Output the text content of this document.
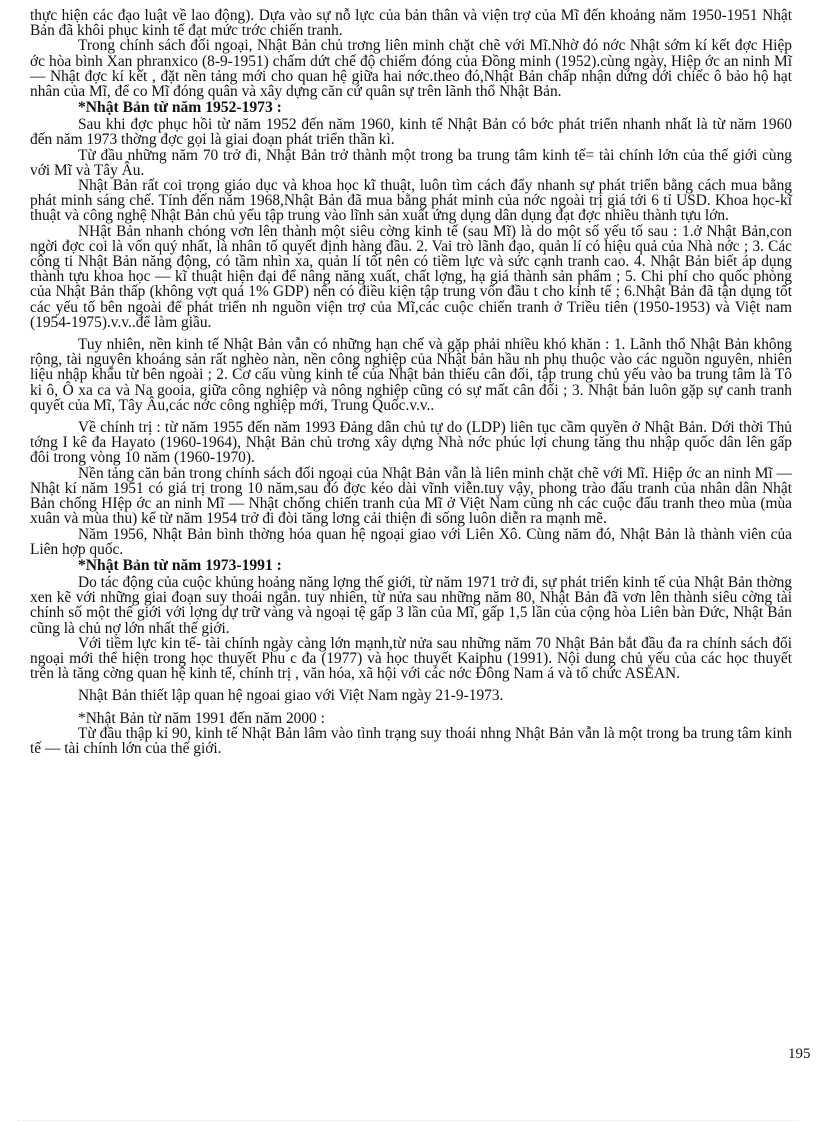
thực hiện các đạo luật về lao động). Dựa vào sự nỗ lực của bản thân và viện trợ của Mĩ đến khoảng năm 1950-1951 Nhật Bản đã khôi phục kinh tế đạt mức trớc chiến tranh.

Trong chính sách đối ngoại, Nhật Bản chủ trơng liên minh chặt chẽ với Mĩ.Nhờ đó nớc Nhật sớm kí kết đợc Hiệp ớc hòa bình Xan phranxico (8-9-1951) chấm dứt chế độ chiếm đóng của Đồng minh (1952).cùng ngày, Hiệp ớc an ninh Mĩ — Nhật đợc kí kết , đặt nền tảng mới cho quan hệ giữa hai nớc.theo đó,Nhật Bản chấp nhận dứng dới chiếc ô bảo hộ hạt nhân của Mĩ, để co Mĩ đóng quân và xây dựng căn cứ quân sự trên lãnh thổ Nhật Bản.

*Nhật Bản từ năm 1952-1973 :

Sau khi đợc phục hồi từ năm 1952 đến năm 1960, kinh tế Nhật Bản có bớc phát triển nhanh nhất là từ năm 1960 đến năm 1973 thờng đợc gọi là giai đoạn phát triển thần kì.

Từ đầu những năm 70 trở đi, Nhật Bản trở thành một trong ba trung tâm kinh tế= tài chính lớn của thế giới cùng với Mĩ và Tây Âu.

Nhật Bản rất coi trọng giáo dục và khoa học kĩ thuật, luôn tìm cách đẩy nhanh sự phát triển bằng cách mua bằng phát minh sáng chế. Tính đến năm 1968,Nhật Bản đã mua bằng phát minh của nớc ngoài trị giá tới 6 tỉ USD. Khoa học-kĩ thuật và công nghệ Nhật Bản chủ yếu tập trung vào lĩnh sản xuất ứng dụng dân dụng đạt đợc nhiều thành tựu lớn.

NHật Bản nhanh chóng vơn lên thành một siêu cờng kinh tế (sau Mĩ) là do một số yếu tố sau : 1.ở Nhật Bản,con ngời đợc coi là vốn quý nhất, là nhân tố quyết định hàng đầu. 2. Vai trò lãnh đạo, quản lí có hiệu quả của Nhà nớc ; 3. Các công ti Nhật Bản năng động, có tầm nhìn xa, quản lí tốt nên có tiềm lực và sức cạnh tranh cao. 4. Nhật Bản biết áp dụng thành tựu khoa học — kĩ thuật hiện đại để nâng năng xuất, chất lợng, hạ giá thành sản phẩm ; 5. Chi phí cho quốc phòng của Nhật Bản thấp (không vợt quá 1% GDP) nên có điều kiện tập trung vốn đầu t cho kinh tế ; 6.Nhật Bản đã tận dụng tốt các yếu tố bên ngoài để phát triển nh nguồn viện trợ của Mĩ,các cuộc chiến tranh ở Triều tiên (1950-1953) và Việt nam (1954-1975).v.v..để làm giầu.

Tuy nhiên, nền kinh tế Nhật Bản vẫn có những hạn chế và gặp phải nhiều khó khăn : 1. Lãnh thổ Nhật Bản không rộng, tài nguyên khoáng sản rất nghèo nàn, nền công nghiệp của Nhật bản hầu nh phụ thuộc vào các nguồn nguyên, nhiên liệu nhập khẩu từ bên ngoài ; 2. Cơ cấu vùng kinh tế của Nhật bản thiếu cân đối, tập trung chủ yếu vào ba trung tâm là Tô ki ô, Ô xa ca và Na gooia, giữa công nghiệp và nông nghiệp cũng có sự mất cân đối ; 3. Nhật bản luôn gặp sự canh tranh quyết của Mĩ, Tây Âu,các nớc công nghiệp mới, Trung Quốc.v.v..

Về chính trị : từ năm 1955 đến năm 1993 Đảng dân chủ tự do (LDP) liên tục cầm quyền ở Nhật Bản. Dới thời Thủ tớng I kê đa Hayato (1960-1964), Nhật Bản chủ trơng xây dựng Nhà nớc phúc lợi chung tăng thu nhập quốc dân lên gấp đôi trong vòng 10 năm (1960-1970).

Nền tảng căn bản trong chính sách đối ngoại của Nhật Bản vẫn là liên minh chặt chẽ với Mĩ. Hiệp ớc an ninh Mĩ — Nhật kí năm 1951 có giá trị trong 10 năm,sau đó đợc kéo dài vĩnh viễn.tuy vậy, phong trào đấu tranh của nhân dân Nhật Bản chống HIệp ớc an ninh Mĩ — Nhật chống chiến tranh của Mĩ ở Việt Nam cũng nh các cuộc đấu tranh theo mùa (mùa xuân và mùa thu) kể từ năm 1954 trở đi đòi tăng lơng cải thiện đi sống luôn diễn ra mạnh mẽ.

Năm 1956, Nhật Bản bình thờng hóa quan hệ ngoại giao với Liên Xô. Cùng năm đó, Nhật Bản là thành viên của Liên hợp quốc.

*Nhật Bản từ năm 1973-1991 :

Do tác động của cuộc khủng hoảng năng lợng thế giới, từ năm 1971 trở đi, sự phát triển kinh tế của Nhật Bản thờng xen kẽ với những giai đoạn suy thoái ngắn. tuy nhiên, từ nửa sau những năm 80, Nhật Bản đã vơn lên thành siêu cờng tài chính số một thế giới với lợng dự trữ vàng và ngoại tệ gấp 3 lần của Mĩ, gấp 1,5 lần của cộng hòa Liên bàn Đức, Nhật Bản cũng là chủ nợ lớn nhất thế giới.

Với tiềm lực kin tế- tài chính ngày càng lớn mạnh,từ nửa sau những năm 70 Nhật Bản bắt đầu đa ra chính sách đối ngoại mới thể hiện trong học thuyết Phu c đa (1977) và học thuyết Kaiphu (1991). Nội dung chủ yếu của các học thuyết trên là tăng cờng quan hệ kinh tế, chính trị , văn hóa, xã hội với các nớc Đông Nam á và tổ chức ASEAN.

Nhật Bản thiết lập quan hệ ngoai giao với Việt Nam ngày 21-9-1973.

*Nhật Bản từ năm 1991 đến năm 2000 :

Từ đầu thập kỉ 90, kinh tế Nhật Bản lâm vào tình trạng suy thoái nhng Nhật Bản vẫn là một trong ba trung tâm kinh tế — tài chính lớn của thế giới.

195
